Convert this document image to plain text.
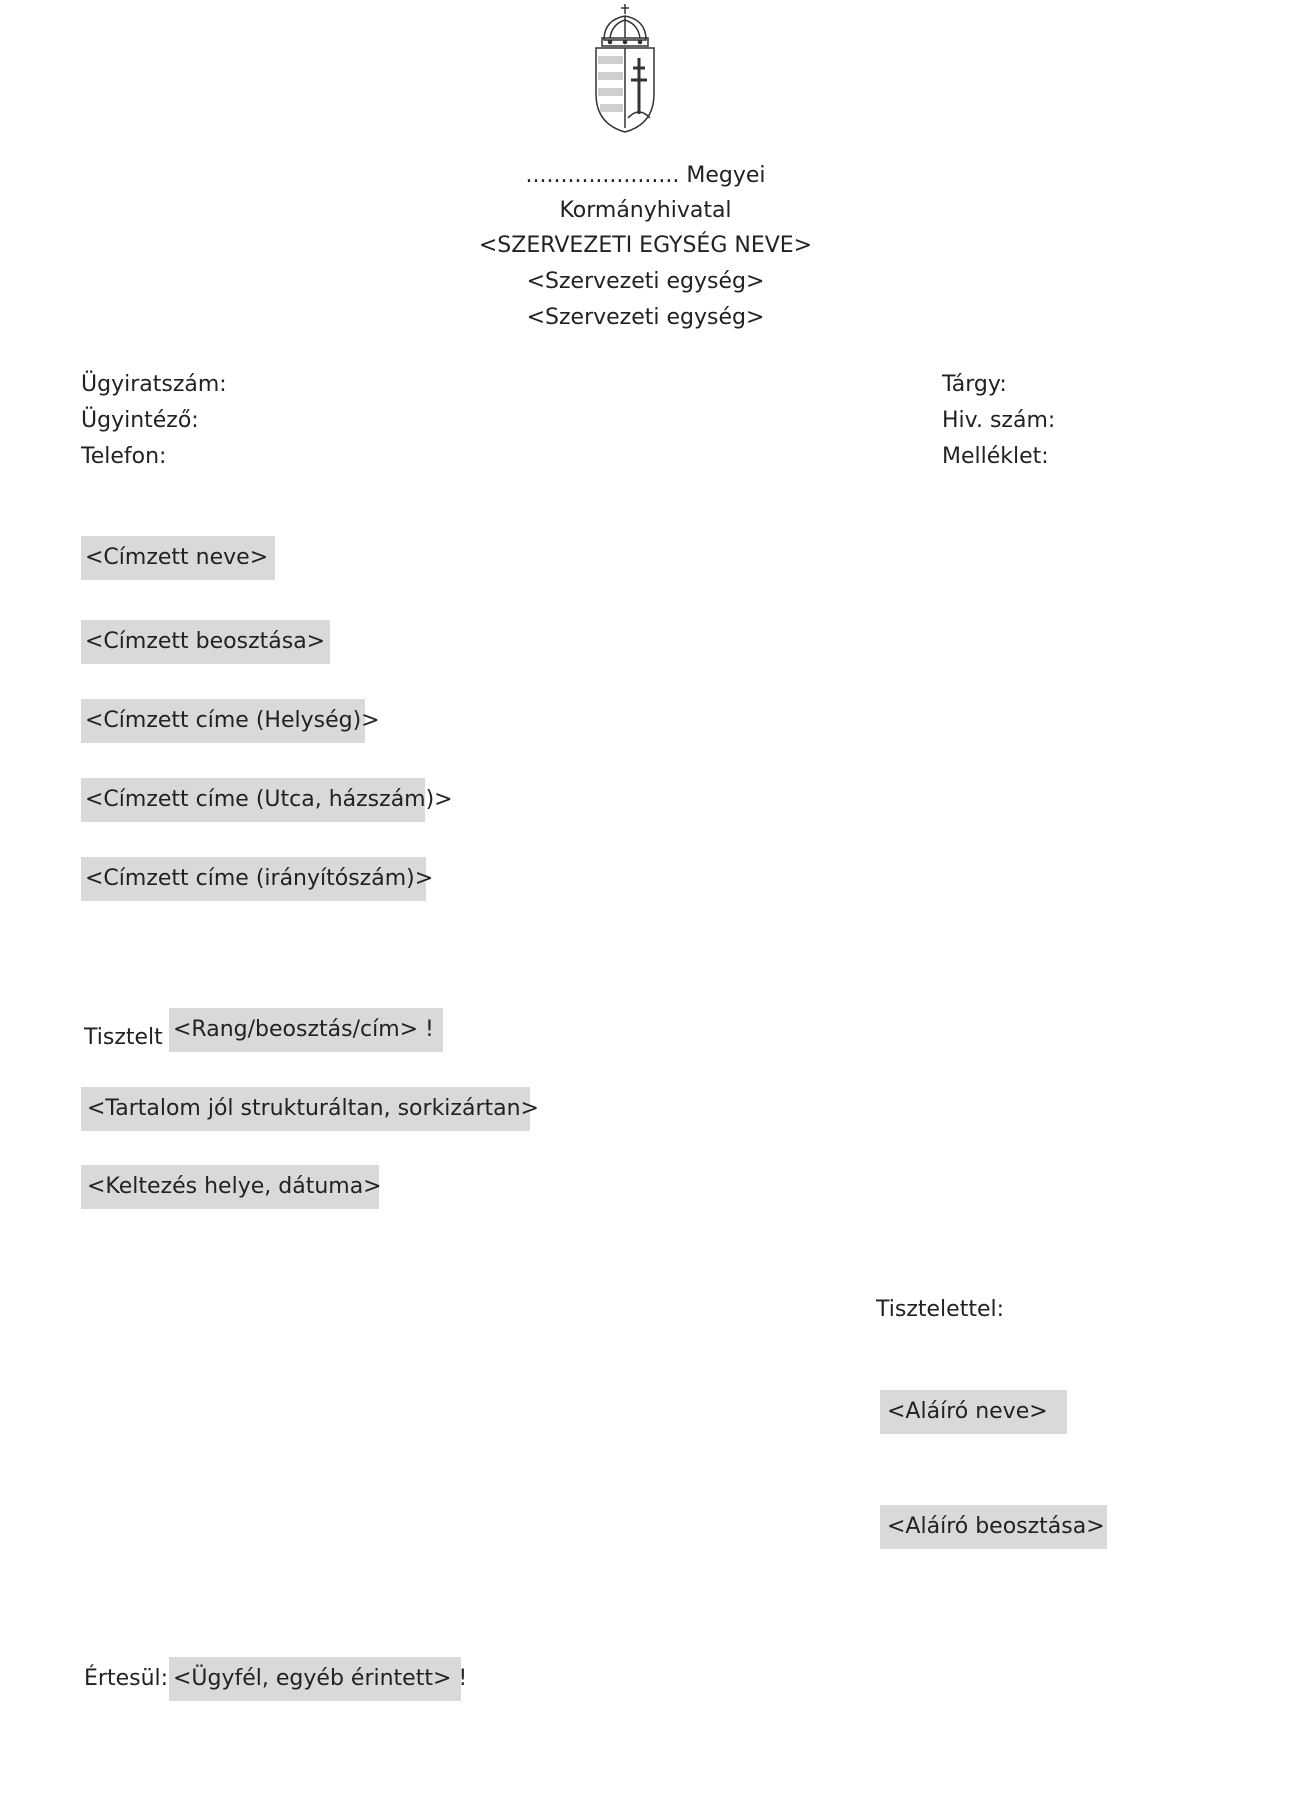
...................... Megyei
Kormányhivatal
<SZERVEZETI EGYSÉG NEVE>
<Szervezeti egység>
<Szervezeti egység>
Ügyiratszám:
Ügyintéző:
Telefon:
Tárgy:
Hiv. szám:
Melléklet:
<Címzett neve>
<Címzett beosztása>
<Címzett címe (Helység)>
<Címzett címe (Utca, házszám)>
<Címzett címe (irányítószám)>
Tisztelt <Rang/beosztás/cím> !
<Tartalom jól strukturáltan, sorkizártan>
<Keltezés helye, dátuma>
Tisztelettel:
<Aláíró neve>
<Aláíró beosztása>
Értesül: <Ügyfél, egyéb érintett> !
